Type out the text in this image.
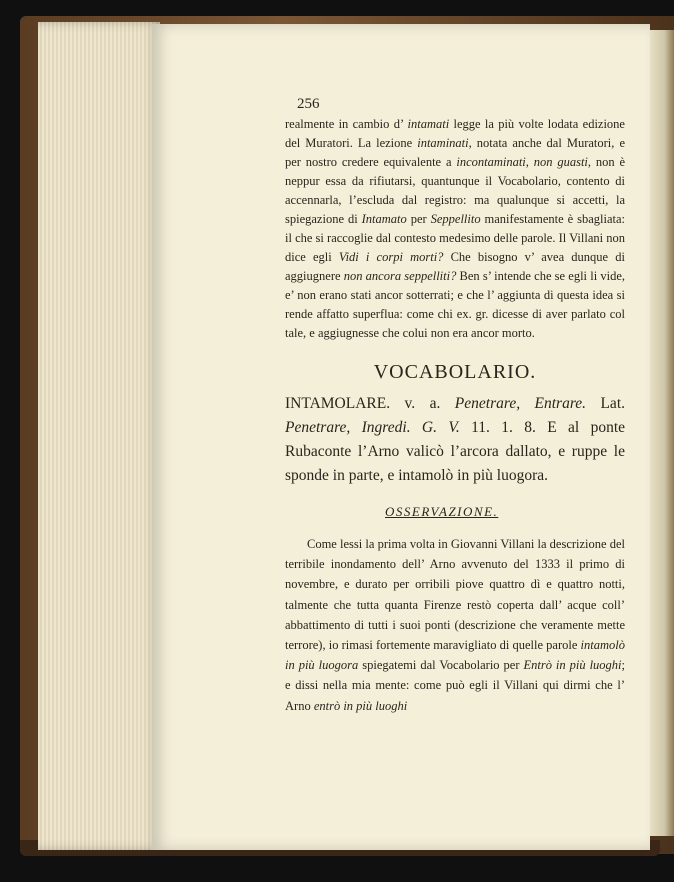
256

realmente in cambio d’ intamati legge la più volte lodata edizione del Muratori. La lezione intaminati, notata anche dal Muratori, e per nostro credere equivalente a incontaminati, non guasti, non è neppur essa da rifiutarsi, quantunque il Vocabolario, contento di accennarla, l’escluda dal registro: ma qualunque si accetti, la spiegazione di Intamato per Seppellito manifestamente è sbagliata: il che si raccoglie dal contesto medesimo delle parole. Il Villani non dice egli Vidi i corpi morti? Che bisogno v’ avea dunque di aggiugnere non ancora seppelliti? Ben s’ intende che se egli li vide, e’ non erano stati ancor sotterrati; e che l’ aggiunta di questa idea si rende affatto superflua: come chi ex. gr. dicesse di aver parlato col tale, e aggiugnesse che colui non era ancor morto.

VOCABOLARIO.

INTAMOLARE. v. a. Penetrare, Entrare. Lat. Penetrare, Ingredi. G. V. 11. 1. 8. E al ponte Rubaconte l’Arno valicò l’arcora dallato, e ruppe le sponde in parte, e intamolò in più luogora.

OSSERVAZIONE.

Come lessi la prima volta in Giovanni Villani la descrizione del terribile inondamento dell’ Arno avvenuto del 1333 il primo di novembre, e durato per orribili piove quattro dì e quattro notti, talmente che tutta quanta Firenze restò coperta dall’ acque coll’ abbattimento di tutti i suoi ponti (descrizione che veramente mette terrore), io rimasi fortemente maravigliato di quelle parole intamolò in più luogora spiegatemi dal Vocabolario per Entrò in più luoghi; e dissi nella mia mente: come può egli il Villani qui dirmi che l’ Arno entrò in più luoghi
